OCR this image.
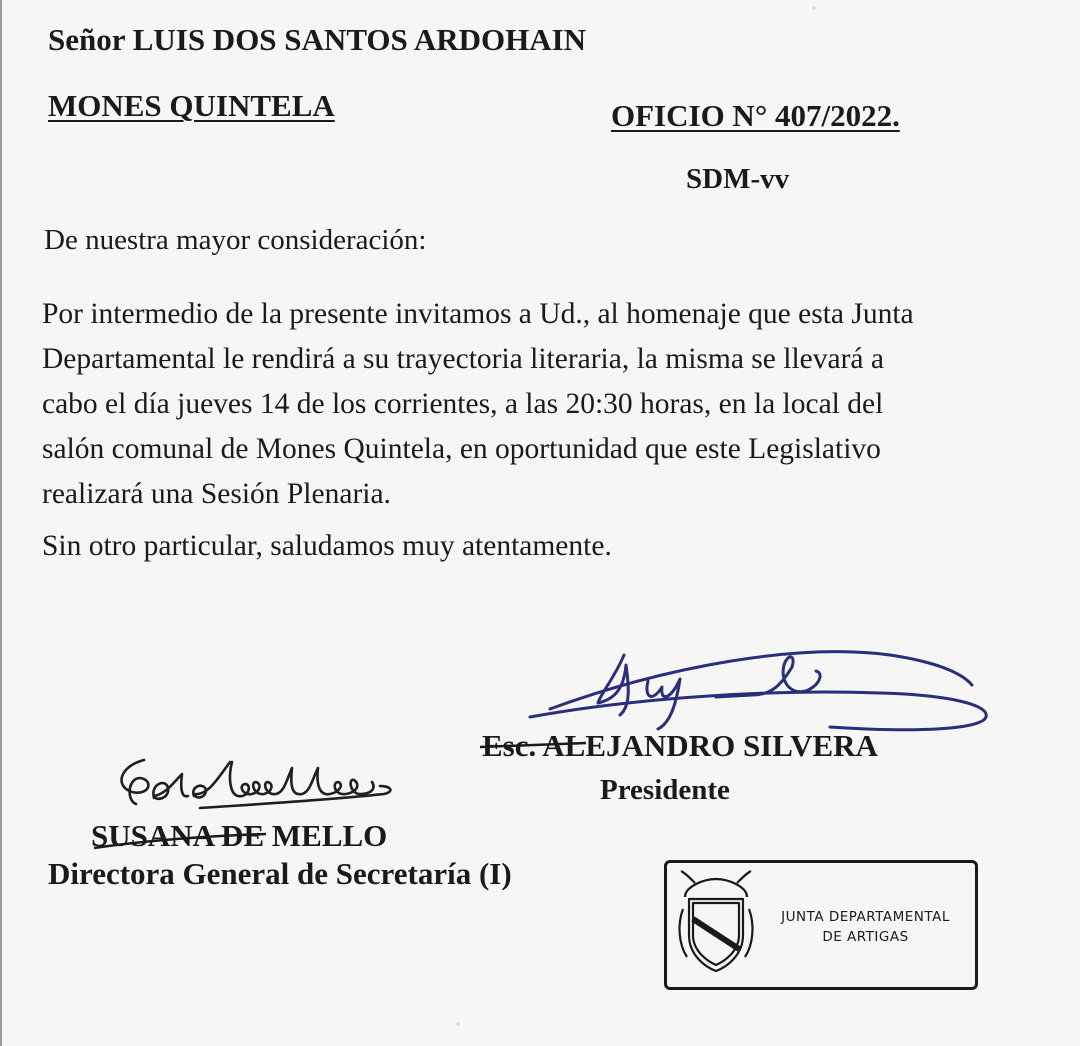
Señor LUIS DOS SANTOS ARDOHAIN
MONES QUINTELA	OFICIO N° 407/2022.
SDM-vv
De nuestra mayor consideración:
Por intermedio de la presente invitamos a Ud., al homenaje que esta Junta
Departamental le rendirá a su trayectoria literaria, la misma se llevará a
cabo el día jueves 14 de los corrientes, a las 20:30 horas, en la local del
salón comunal de Mones Quintela, en oportunidad que este Legislativo
realizará una Sesión Plenaria.
Sin otro particular, saludamos muy atentamente.
Esc. ALEJANDRO SILVERA
Presidente
SUSANA DE MELLO
Directora General de Secretaría (I)
JUNTA DEPARTAMENTAL
DE ARTIGAS
